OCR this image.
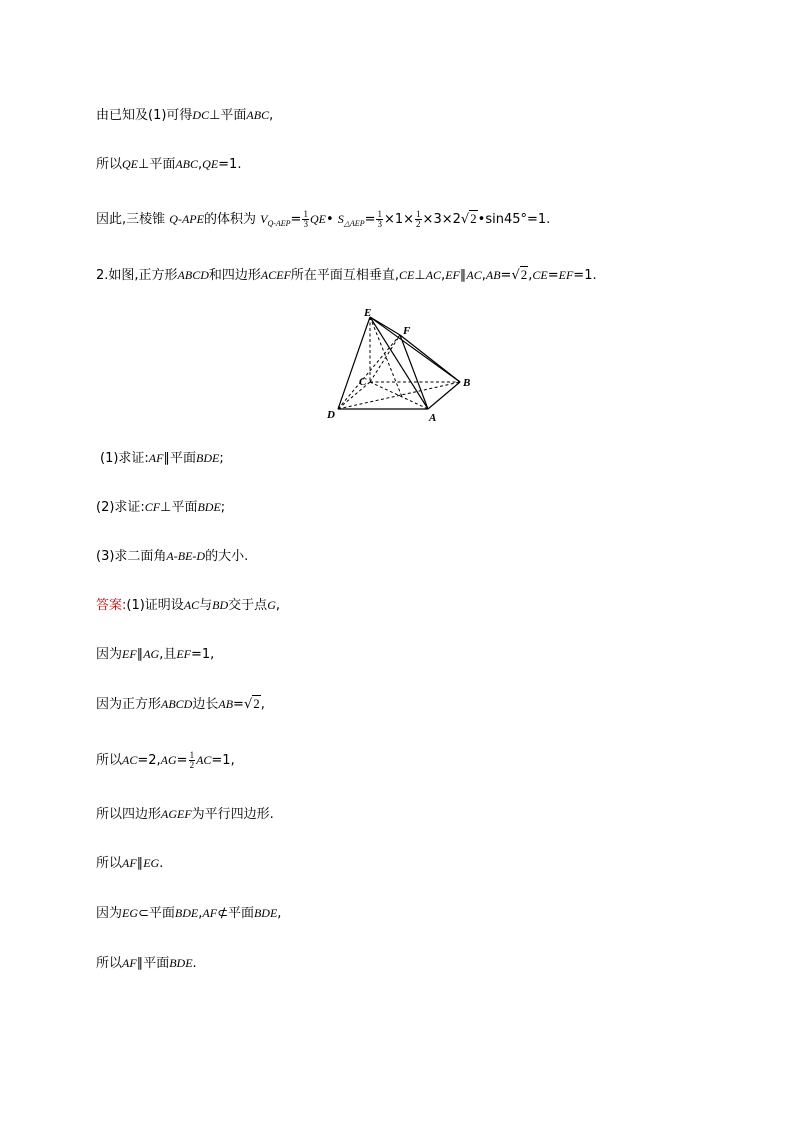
由已知及(1)可得DC⊥平面ABC,
所以QE⊥平面ABC,QE=1.
因此,三棱锥 Q-APE的体积为 $V_{Q-AEP}= \frac{1}{3}$ QE• $S_{\triangle AEP}= \frac{1}{3} \times 1\times \frac{1}{2}$ ×3×2√2•sin45°=1.
2.如图,正方形ABCD和四边形ACEF所在平面互相垂直,CE⊥AC,EF∥AC,AB=√2,CE=EF=1.
E
F
C	B
D	A
(1)求证:AF∥平面BDE;
(2)求证:CF⊥平面BDE;
(3)求二面角A-BE-D的大小.
答案:(1)证明设AC与BD交于点G,
因为EF∥AG,且EF=1,
因为正方形ABCD边长AB=√2,
所以$AC=2,AG= \frac{1}{2} AC=1$,
所以四边形AGEF为平行四边形.
所以AF∥EG.
因为EG⊂平面BDE,AF⊄平面BDE,
所以AF∥平面BDE.
